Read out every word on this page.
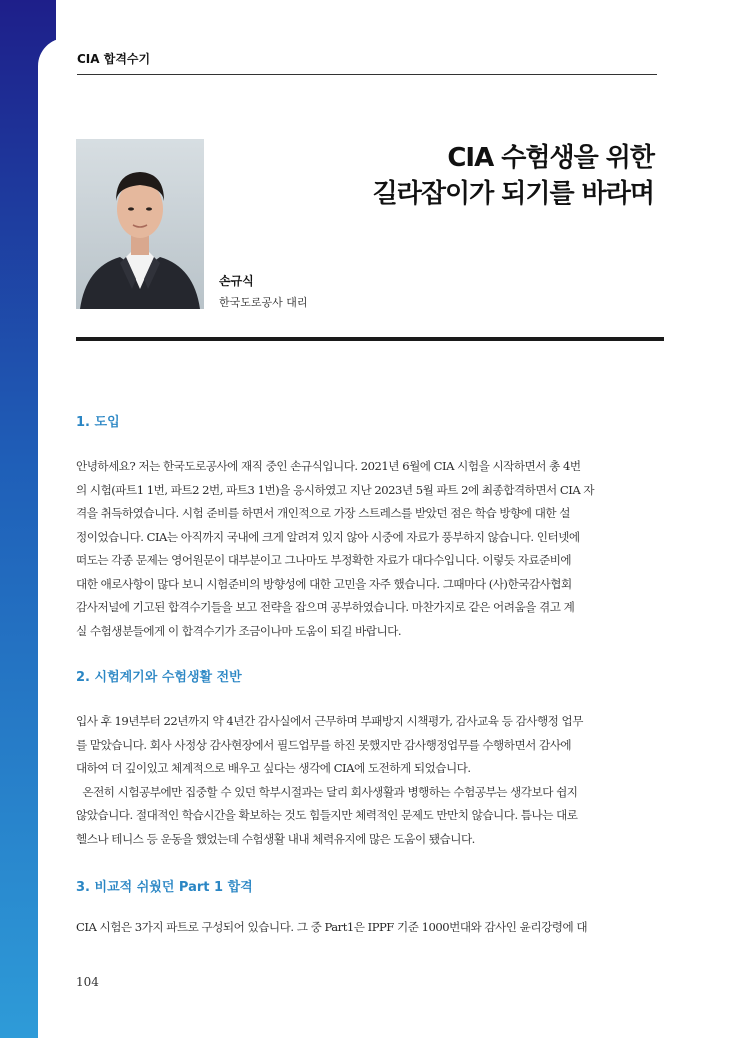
CIA 합격수기
CIA 수험생을 위한
길라잡이가 되기를 바라며
손규식
한국도로공사 대리
1. 도입
안녕하세요? 저는 한국도로공사에 재직 중인 손규식입니다. 2021년 6월에 CIA 시험을 시작하면서 총 4번
의 시험(파트1 1번, 파트2 2번, 파트3 1번)을 응시하였고 지난 2023년 5월 파트 2에 최종합격하면서 CIA 자
격을 취득하였습니다. 시험 준비를 하면서 개인적으로 가장 스트레스를 받았던 점은 학습 방향에 대한 설
정이었습니다. CIA는 아직까지 국내에 크게 알려져 있지 않아 시중에 자료가 풍부하지 않습니다. 인터넷에
떠도는 각종 문제는 영어원문이 대부분이고 그나마도 부정확한 자료가 대다수입니다. 이렇듯 자료준비에
대한 애로사항이 많다 보니 시험준비의 방향성에 대한 고민을 자주 했습니다. 그때마다 (사)한국감사협회
감사저널에 기고된 합격수기들을 보고 전략을 잡으며 공부하였습니다. 마찬가지로 같은 어려움을 겪고 계
실 수험생분들에게 이 합격수기가 조금이나마 도움이 되길 바랍니다.
2. 시험계기와 수험생활 전반
입사 후 19년부터 22년까지 약 4년간 감사실에서 근무하며 부패방지 시책평가, 감사교육 등 감사행정 업무
를 맡았습니다. 회사 사정상 감사현장에서 필드업무를 하진 못했지만 감사행정업무를 수행하면서 감사에
대하여 더 깊이있고 체계적으로 배우고 싶다는 생각에 CIA에 도전하게 되었습니다.
온전히 시험공부에만 집중할 수 있던 학부시절과는 달리 회사생활과 병행하는 수험공부는 생각보다 쉽지
않았습니다. 절대적인 학습시간을 확보하는 것도 힘들지만 체력적인 문제도 만만치 않습니다. 틈나는 대로
헬스나 테니스 등 운동을 했었는데 수험생활 내내 체력유지에 많은 도움이 됐습니다.
3. 비교적 쉬웠던 Part 1 합격
CIA 시험은 3가지 파트로 구성되어 있습니다. 그 중 Part1은 IPPF 기준 1000번대와 감사인 윤리강령에 대
104
